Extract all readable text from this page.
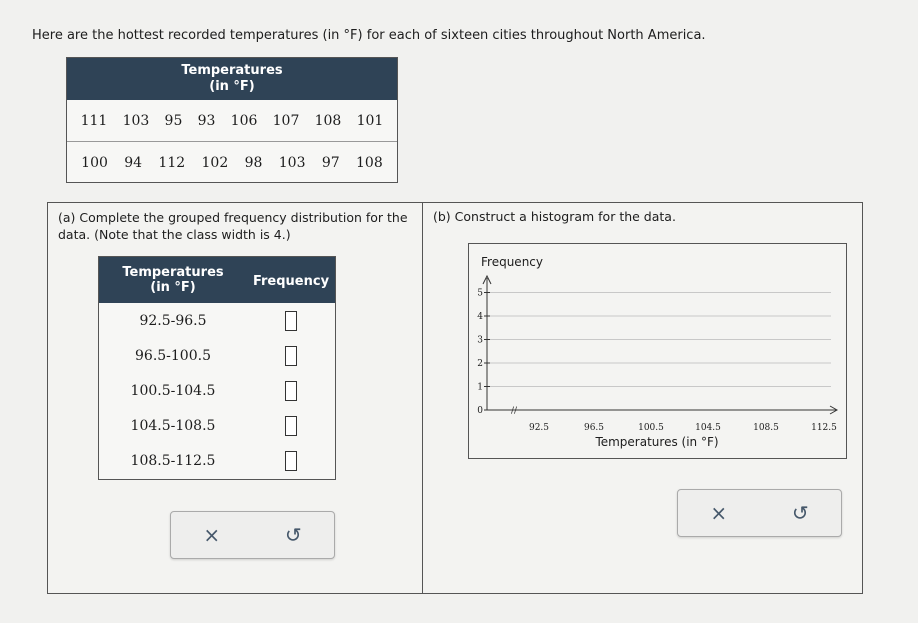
Here are the hottest recorded temperatures (in °F) for each of sixteen cities throughout North America.
Temperatures
(in °F)
111 103 95 93 106 107 108 101
100 94 112 102 98 103 97 108
(a) Complete the grouped frequency distribution for the data. (Note that the class width is 4.)
(b) Construct a histogram for the data.
Temperatures
(in °F)	Frequency
92.5-96.5
96.5-100.5
100.5-104.5
104.5-108.5
108.5-112.5
Frequency
0
1
2
3
4
5
//
92.5	96.5	100.5	104.5	108.5	112.5
Temperatures (in °F)
×	↺
×	↺
